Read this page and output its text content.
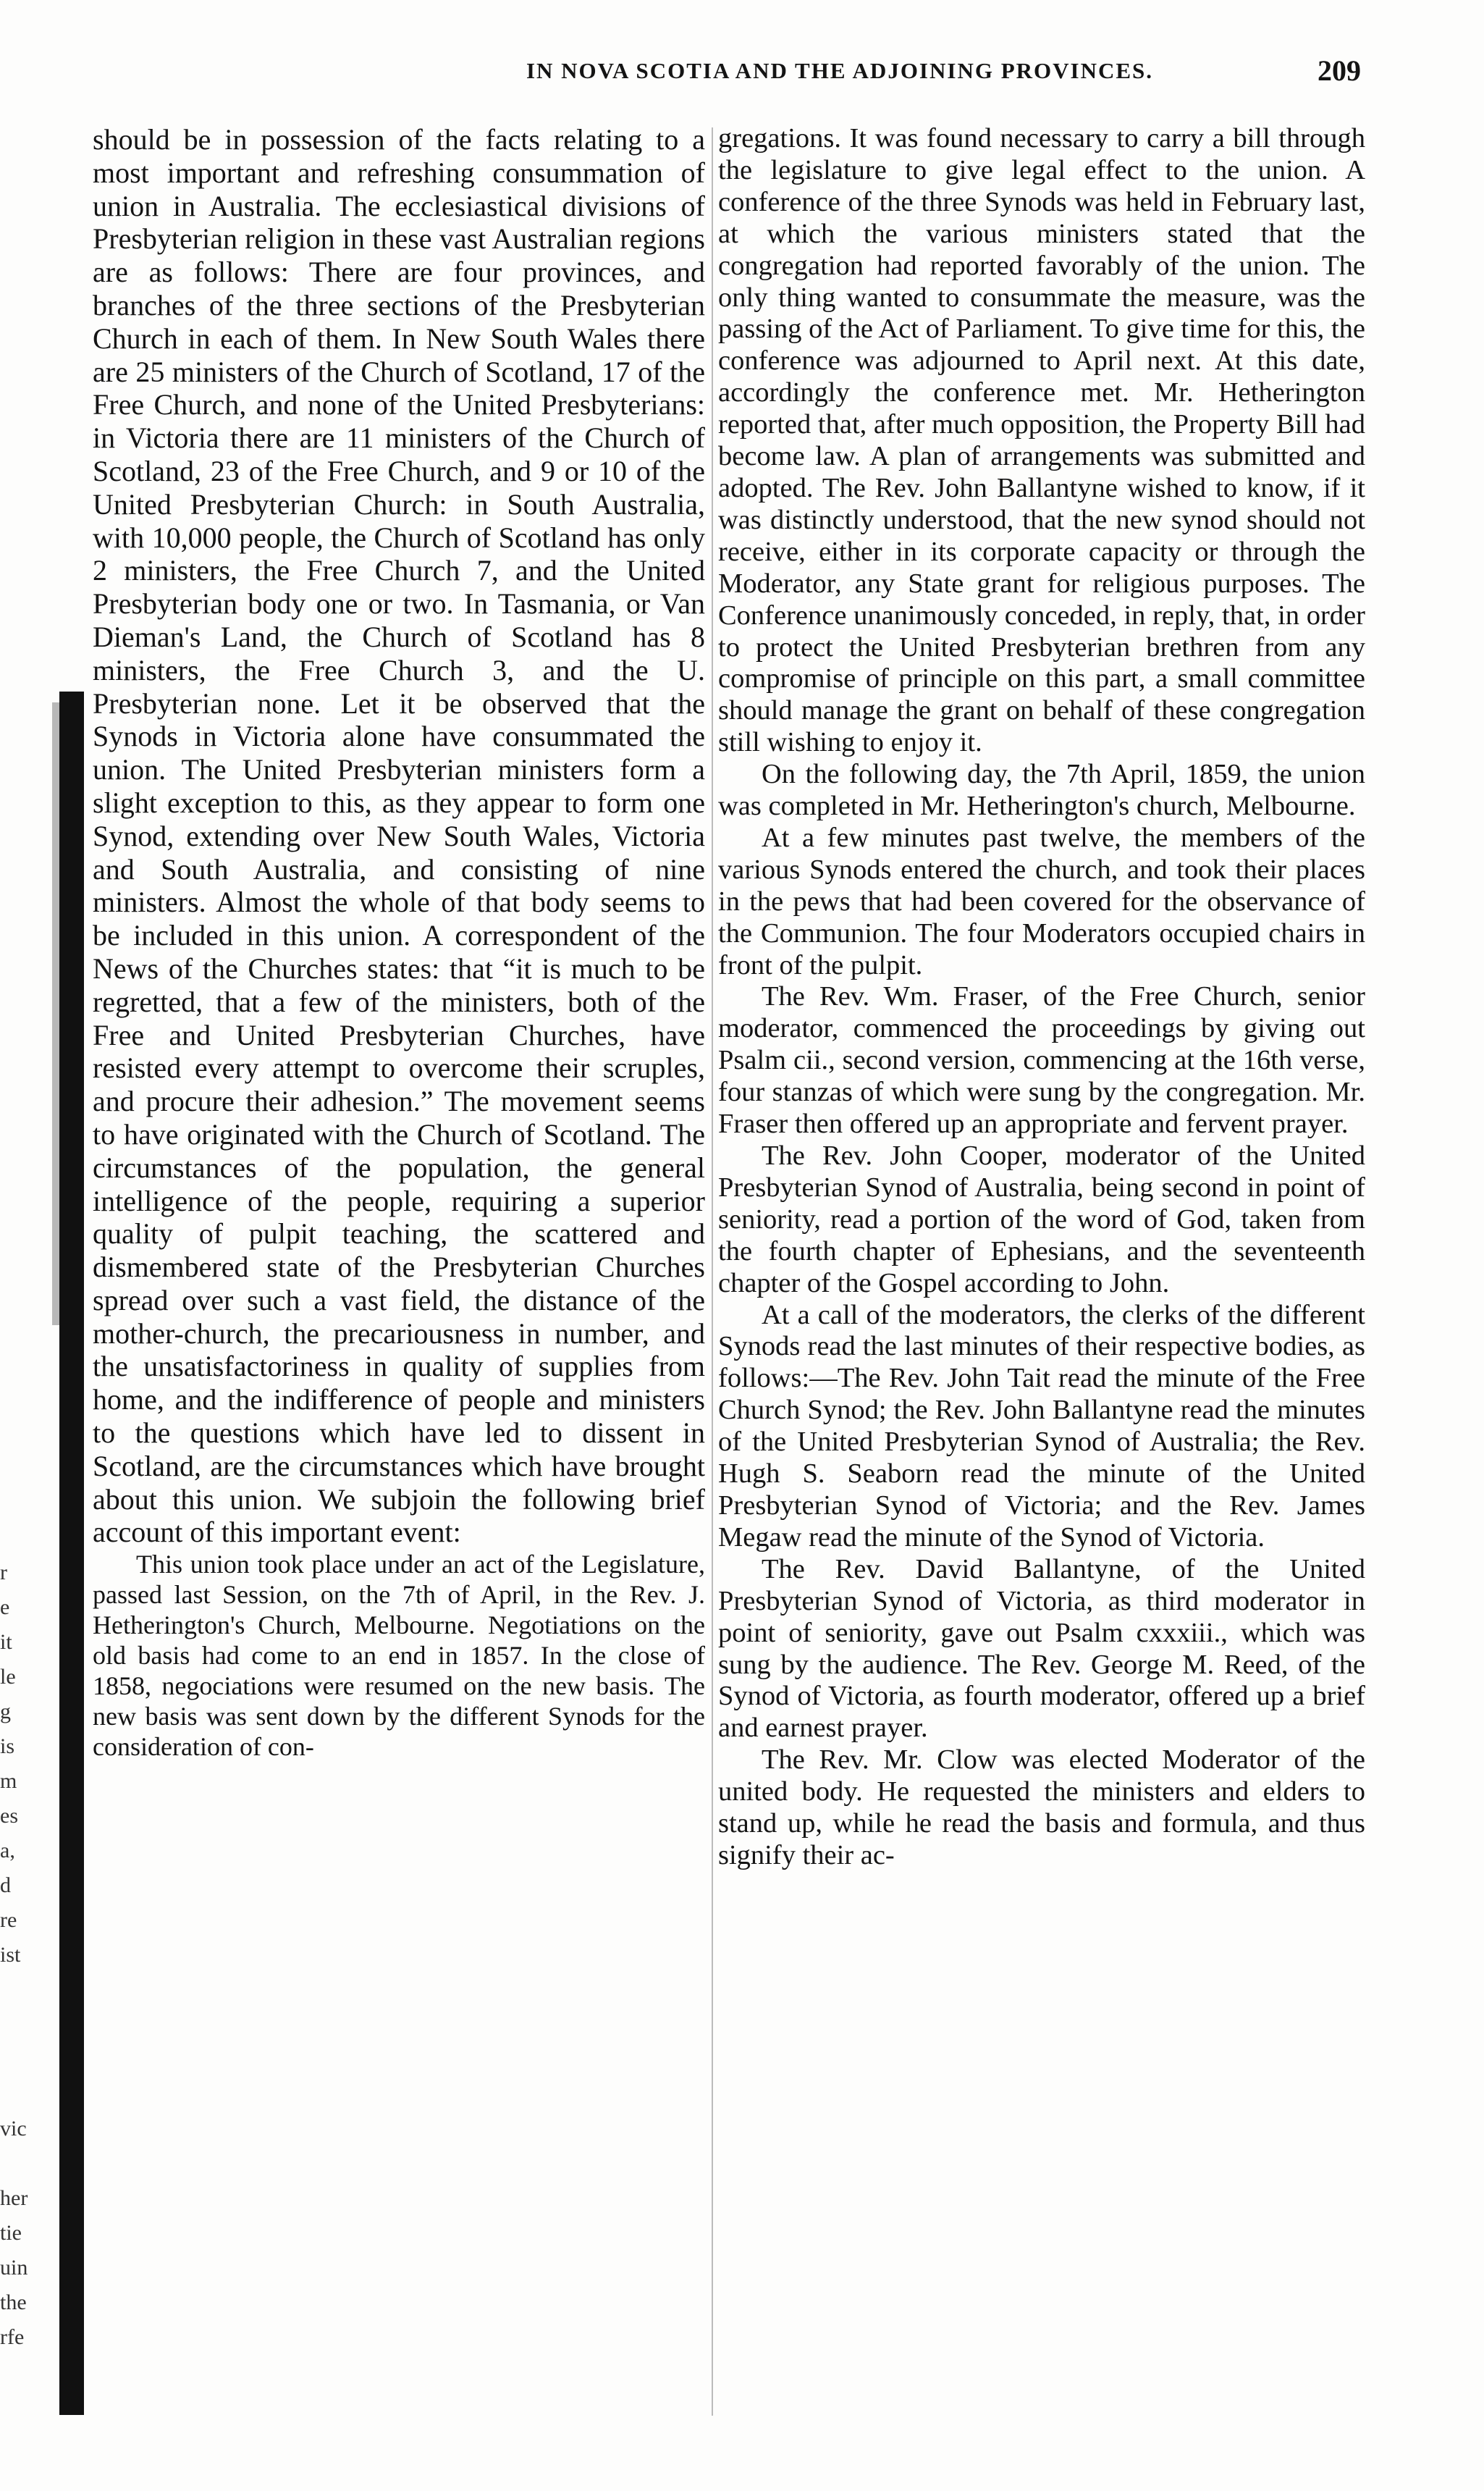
r
e
it
le
g
is
m
es
a,
d
re
ist
vic
her
tie
uin
the
rfe
IN NOVA SCOTIA AND THE ADJOINING PROVINCES.	209

should be in possession of the facts relating to a most important and refreshing consummation of union in Australia. The ecclesiastical divisions of Presbyterian religion in these vast Australian regions are as follows: There are four provinces, and branches of the three sections of the Presbyterian Church in each of them. In New South Wales there are 25 ministers of the Church of Scotland, 17 of the Free Church, and none of the United Presbyterians: in Victoria there are 11 ministers of the Church of Scotland, 23 of the Free Church, and 9 or 10 of the United Presbyterian Church: in South Australia, with 10,000 people, the Church of Scotland has only 2 ministers, the Free Church 7, and the United Presbyterian body one or two. In Tasmania, or Van Dieman's Land, the Church of Scotland has 8 ministers, the Free Church 3, and the U. Presbyterian none. Let it be observed that the Synods in Victoria alone have consummated the union. The United Presbyterian ministers form a slight exception to this, as they appear to form one Synod, extending over New South Wales, Victoria and South Australia, and consisting of nine ministers. Almost the whole of that body seems to be included in this union. A correspondent of the News of the Churches states: that “it is much to be regretted, that a few of the ministers, both of the Free and United Presbyterian Churches, have resisted every attempt to overcome their scruples, and procure their adhesion.” The movement seems to have originated with the Church of Scotland. The circumstances of the population, the general intelligence of the people, requiring a superior quality of pulpit teaching, the scattered and dismembered state of the Presbyterian Churches spread over such a vast field, the distance of the mother-church, the precariousness in number, and the unsatisfactoriness in quality of supplies from home, and the indifference of people and ministers to the questions which have led to dissent in Scotland, are the circumstances which have brought about this union. We subjoin the following brief account of this important event:

This union took place under an act of the Legislature, passed last Session, on the 7th of April, in the Rev. J. Hetherington's Church, Melbourne. Negotiations on the old basis had come to an end in 1857. In the close of 1858, negociations were resumed on the new basis. The new basis was sent down by the different Synods for the consideration of con-

gregations. It was found necessary to carry a bill through the legislature to give legal effect to the union. A conference of the three Synods was held in February last, at which the various ministers stated that the congregation had reported favorably of the union. The only thing wanted to consummate the measure, was the passing of the Act of Parliament. To give time for this, the conference was adjourned to April next. At this date, accordingly the conference met. Mr. Hetherington reported that, after much opposition, the Property Bill had become law. A plan of arrangements was submitted and adopted. The Rev. John Ballantyne wished to know, if it was distinctly understood, that the new synod should not receive, either in its corporate capacity or through the Moderator, any State grant for religious purposes. The Conference unanimously conceded, in reply, that, in order to protect the United Presbyterian brethren from any compromise of principle on this part, a small committee should manage the grant on behalf of these congregation still wishing to enjoy it.

On the following day, the 7th April, 1859, the union was completed in Mr. Hetherington's church, Melbourne.

At a few minutes past twelve, the members of the various Synods entered the church, and took their places in the pews that had been covered for the observance of the Communion. The four Moderators occupied chairs in front of the pulpit.

The Rev. Wm. Fraser, of the Free Church, senior moderator, commenced the proceedings by giving out Psalm cii., second version, commencing at the 16th verse, four stanzas of which were sung by the congregation. Mr. Fraser then offered up an appropriate and fervent prayer.

The Rev. John Cooper, moderator of the United Presbyterian Synod of Australia, being second in point of seniority, read a portion of the word of God, taken from the fourth chapter of Ephesians, and the seventeenth chapter of the Gospel according to John.

At a call of the moderators, the clerks of the different Synods read the last minutes of their respective bodies, as follows:—The Rev. John Tait read the minute of the Free Church Synod; the Rev. John Ballantyne read the minutes of the United Presbyterian Synod of Australia; the Rev. Hugh S. Seaborn read the minute of the United Presbyterian Synod of Victoria; and the Rev. James Megaw read the minute of the Synod of Victoria.

The Rev. David Ballantyne, of the United Presbyterian Synod of Victoria, as third moderator in point of seniority, gave out Psalm cxxxiii., which was sung by the audience. The Rev. George M. Reed, of the Synod of Victoria, as fourth moderator, offered up a brief and earnest prayer.

The Rev. Mr. Clow was elected Moderator of the united body. He requested the ministers and elders to stand up, while he read the basis and formula, and thus signify their ac-
